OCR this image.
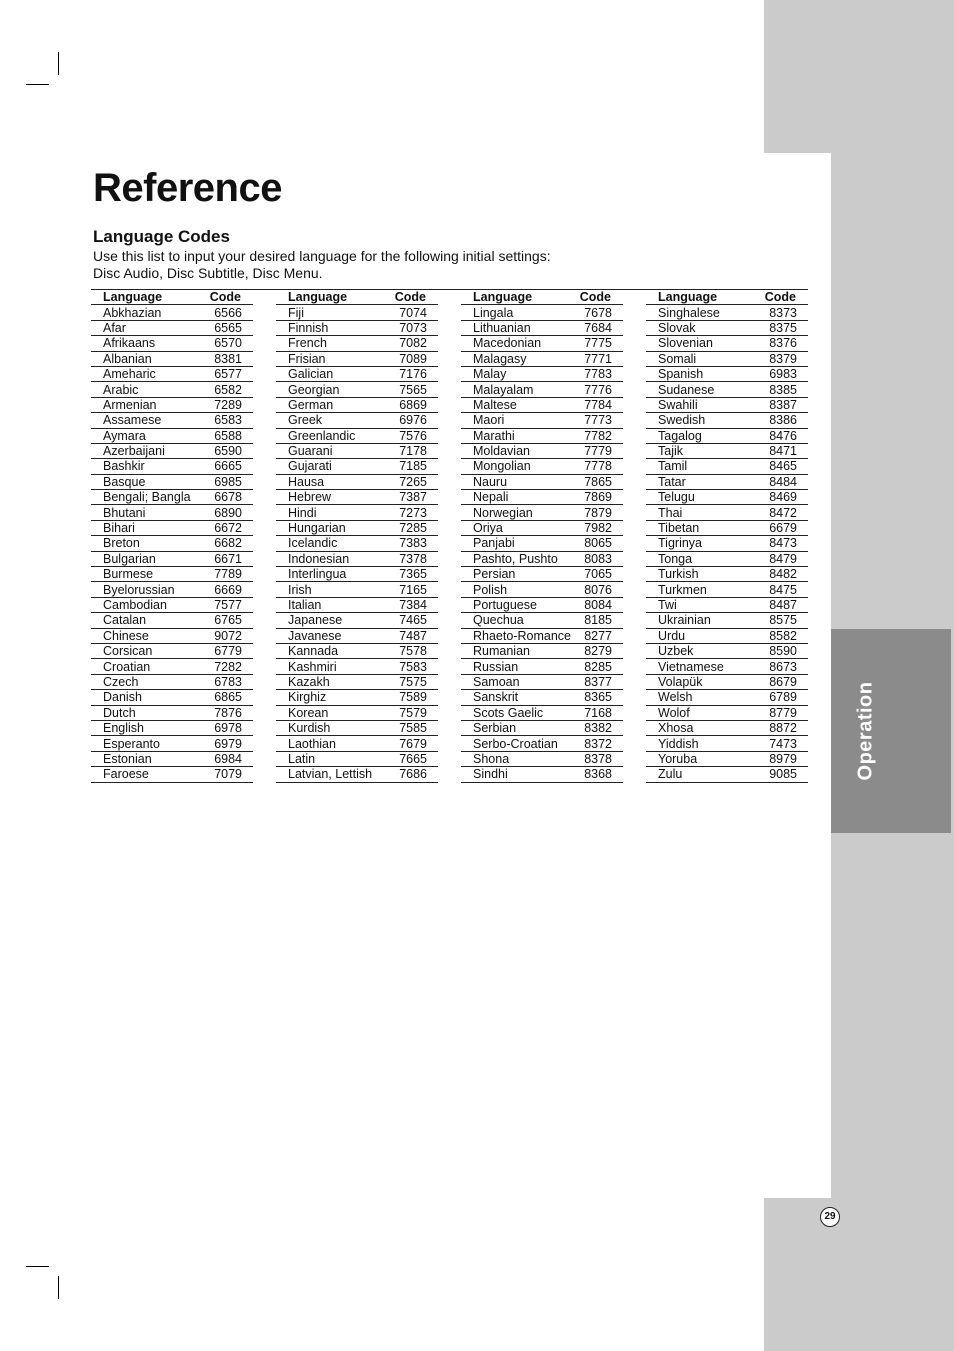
Operation
29
Reference
Language Codes
Use this list to input your desired language for the following initial settings:
Disc Audio, Disc Subtitle, Disc Menu.
Language	Code
Abkhazian	6566
Afar	6565
Afrikaans	6570
Albanian	8381
Ameharic	6577
Arabic	6582
Armenian	7289
Assamese	6583
Aymara	6588
Azerbaijani	6590
Bashkir	6665
Basque	6985
Bengali; Bangla	6678
Bhutani	6890
Bihari	6672
Breton	6682
Bulgarian	6671
Burmese	7789
Byelorussian	6669
Cambodian	7577
Catalan	6765
Chinese	9072
Corsican	6779
Croatian	7282
Czech	6783
Danish	6865
Dutch	7876
English	6978
Esperanto	6979
Estonian	6984
Faroese	7079
Language	Code
Fiji	7074
Finnish	7073
French	7082
Frisian	7089
Galician	7176
Georgian	7565
German	6869
Greek	6976
Greenlandic	7576
Guarani	7178
Gujarati	7185
Hausa	7265
Hebrew	7387
Hindi	7273
Hungarian	7285
Icelandic	7383
Indonesian	7378
Interlingua	7365
Irish	7165
Italian	7384
Japanese	7465
Javanese	7487
Kannada	7578
Kashmiri	7583
Kazakh	7575
Kirghiz	7589
Korean	7579
Kurdish	7585
Laothian	7679
Latin	7665
Latvian, Lettish	7686
Language	Code
Lingala	7678
Lithuanian	7684
Macedonian	7775
Malagasy	7771
Malay	7783
Malayalam	7776
Maltese	7784
Maori	7773
Marathi	7782
Moldavian	7779
Mongolian	7778
Nauru	7865
Nepali	7869
Norwegian	7879
Oriya	7982
Panjabi	8065
Pashto, Pushto	8083
Persian	7065
Polish	8076
Portuguese	8084
Quechua	8185
Rhaeto-Romance	8277
Rumanian	8279
Russian	8285
Samoan	8377
Sanskrit	8365
Scots Gaelic	7168
Serbian	8382
Serbo-Croatian	8372
Shona	8378
Sindhi	8368
Language	Code
Singhalese	8373
Slovak	8375
Slovenian	8376
Somali	8379
Spanish	6983
Sudanese	8385
Swahili	8387
Swedish	8386
Tagalog	8476
Tajik	8471
Tamil	8465
Tatar	8484
Telugu	8469
Thai	8472
Tibetan	6679
Tigrinya	8473
Tonga	8479
Turkish	8482
Turkmen	8475
Twi	8487
Ukrainian	8575
Urdu	8582
Uzbek	8590
Vietnamese	8673
Volapük	8679
Welsh	6789
Wolof	8779
Xhosa	8872
Yiddish	7473
Yoruba	8979
Zulu	9085
